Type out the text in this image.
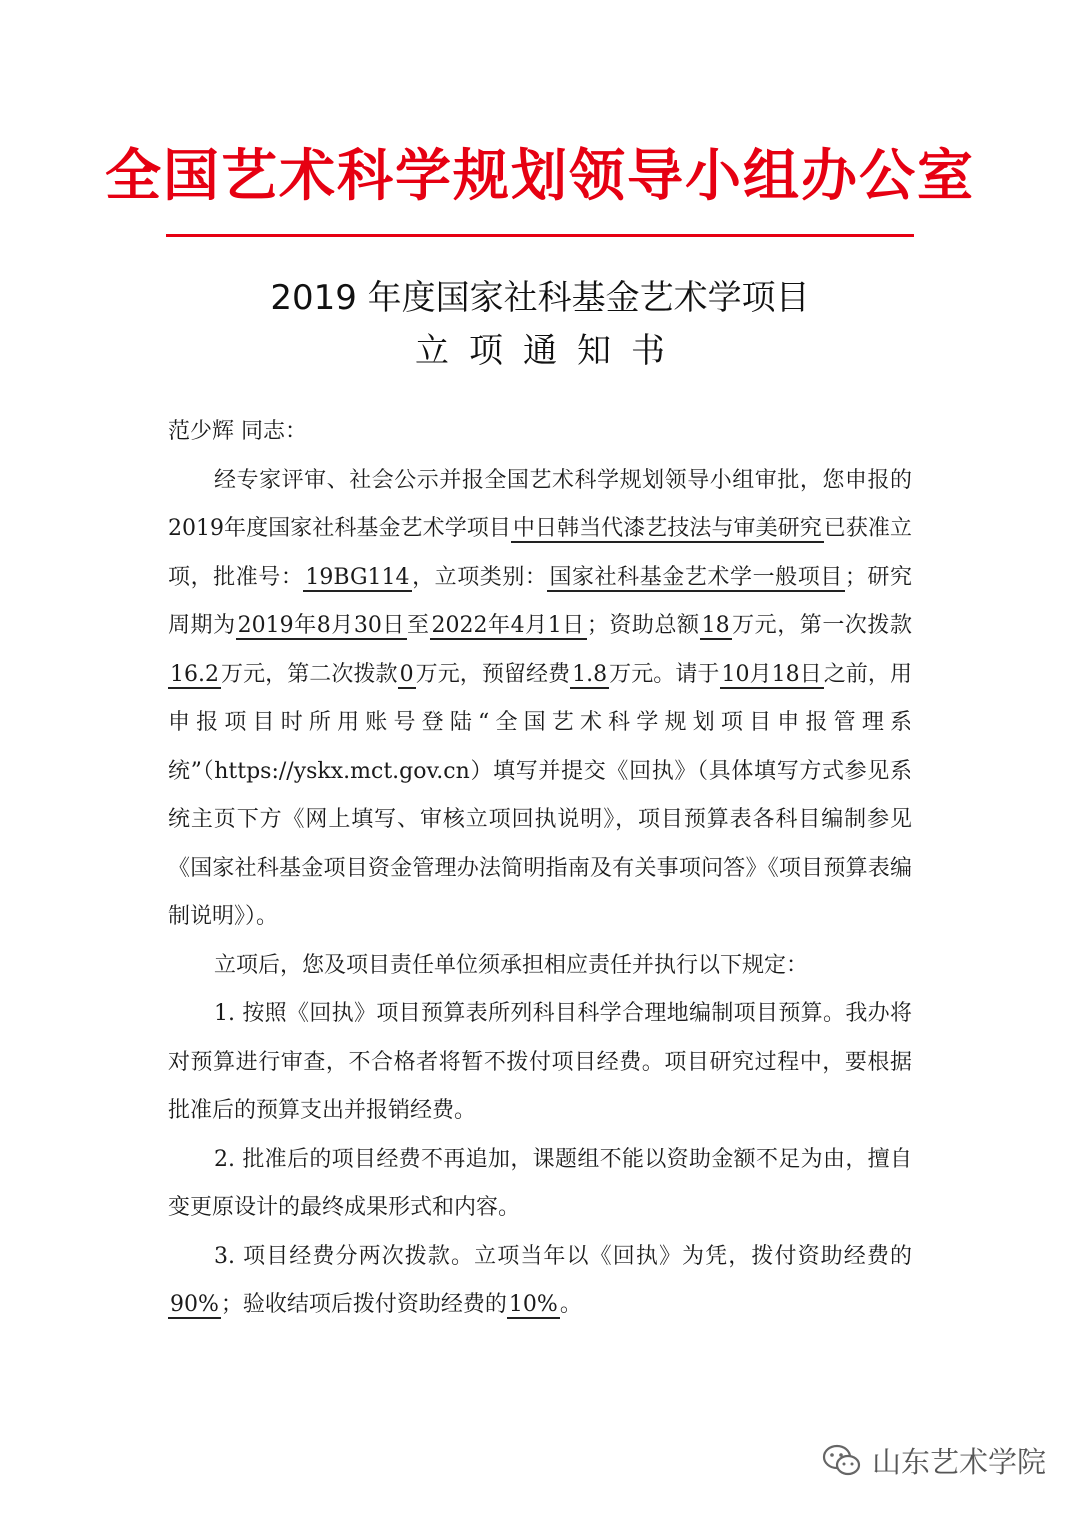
全国艺术科学规划领导小组办公室
2019 年度国家社科基金艺术学项目
立项通知书

范少辉 同志：

经专家评审、社会公示并报全国艺术科学规划领导小组审批，您申报的2019年度国家社科基金艺术学项目中日韩当代漆艺技法与审美研究已获准立项，批准号：19BG114，立项类别：国家社科基金艺术学一般项目；研究周期为2019年8月30日至2022年4月1日；资助总额18万元，第一次拨款16.2万元，第二次拨款0万元，预留经费1.8万元。请于10月18日之前，用申报项目时所用账号登陆“全国艺术科学规划项目申报管理系统”（https://yskx.mct.gov.cn）填写并提交《回执》（具体填写方式参见系统主页下方《网上填写、审核立项回执说明》，项目预算表各科目编制参见《国家社科基金项目资金管理办法简明指南及有关事项问答》《项目预算表编制说明》）。

立项后，您及项目责任单位须承担相应责任并执行以下规定：

1. 按照《回执》项目预算表所列科目科学合理地编制项目预算。我办将对预算进行审查，不合格者将暂不拨付项目经费。项目研究过程中，要根据批准后的预算支出并报销经费。

2. 批准后的项目经费不再追加，课题组不能以资助金额不足为由，擅自变更原设计的最终成果形式和内容。

3. 项目经费分两次拨款。立项当年以《回执》为凭，拨付资助经费的90%；验收结项后拨付资助经费的10%。

山东艺术学院
